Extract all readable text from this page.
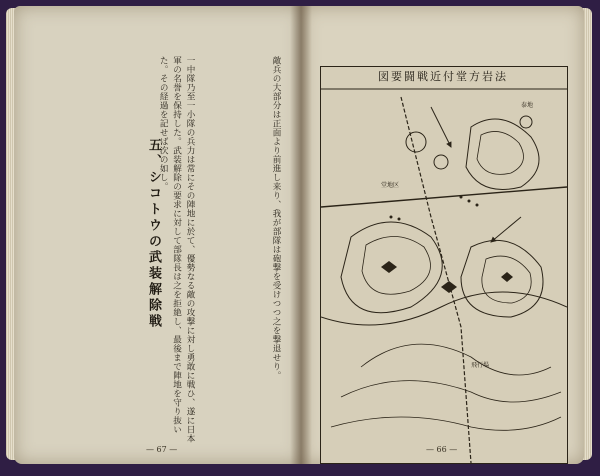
一中隊乃至一小隊の兵力は常にその陣地に於て、優勢なる敵の攻撃に対し勇敢に戦ひ、遂に日本軍の名誉を保持した。武装解除の要求に対して部隊長は之を拒絶し、最後まで陣地を守り抜いた。その経過を記せば次の如し。
五、シコトウの武装解除戦	敵兵の大部分は正面より前進し来り、我が部隊は砲撃を受けつつ之を撃退せり。
— 67 —
泰地
堂地区
飛行場
図要闘戦近付堂方岩法
— 66 —
